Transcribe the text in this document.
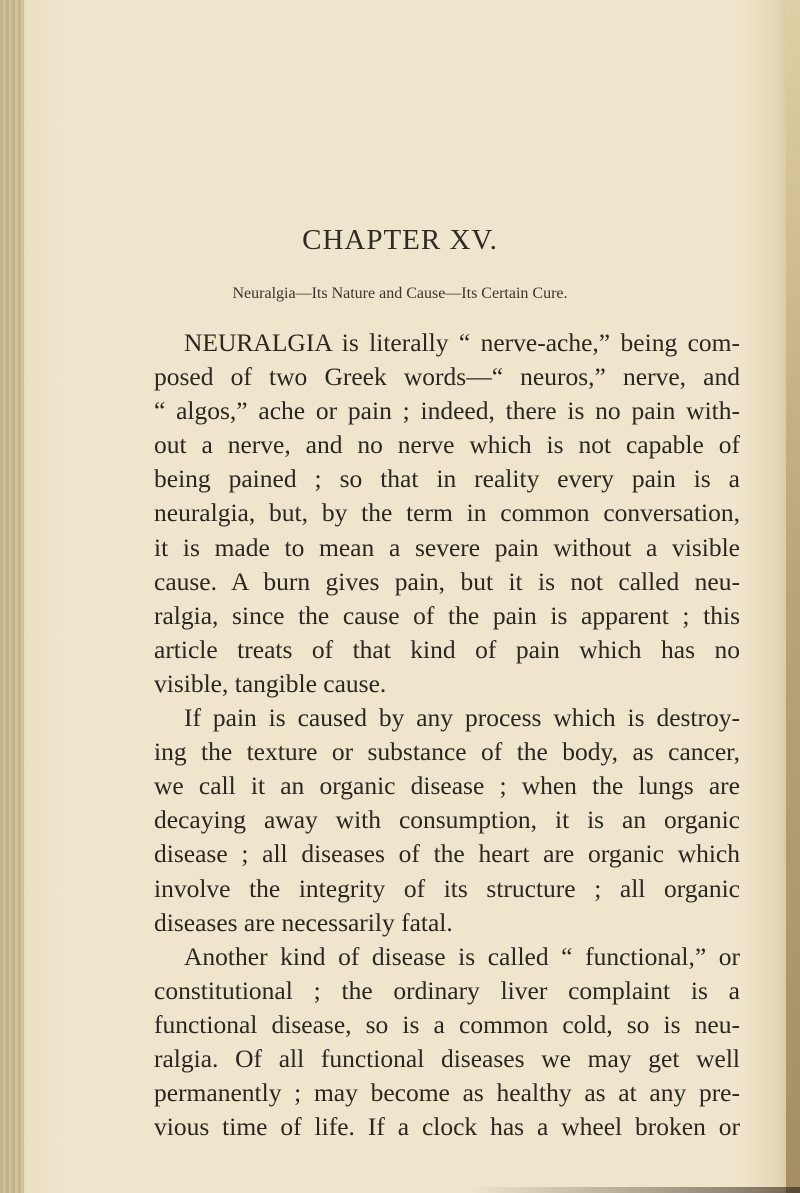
CHAPTER XV.
Neuralgia—Its Nature and Cause—Its Certain Cure.
NEURALGIA is literally “ nerve-ache,” being com-
posed of two Greek words—“ neuros,” nerve, and
“ algos,” ache or pain ; indeed, there is no pain with-
out a nerve, and no nerve which is not capable of
being pained ; so that in reality every pain is a
neuralgia, but, by the term in common conversation,
it is made to mean a severe pain without a visible
cause. A burn gives pain, but it is not called neu-
ralgia, since the cause of the pain is apparent ; this
article treats of that kind of pain which has no
visible, tangible cause.
If pain is caused by any process which is destroy-
ing the texture or substance of the body, as cancer,
we call it an organic disease ; when the lungs are
decaying away with consumption, it is an organic
disease ; all diseases of the heart are organic which
involve the integrity of its structure ; all organic
diseases are necessarily fatal.
Another kind of disease is called “ functional,” or
constitutional ; the ordinary liver complaint is a
functional disease, so is a common cold, so is neu-
ralgia. Of all functional diseases we may get well
permanently ; may become as healthy as at any pre-
vious time of life. If a clock has a wheel broken or
